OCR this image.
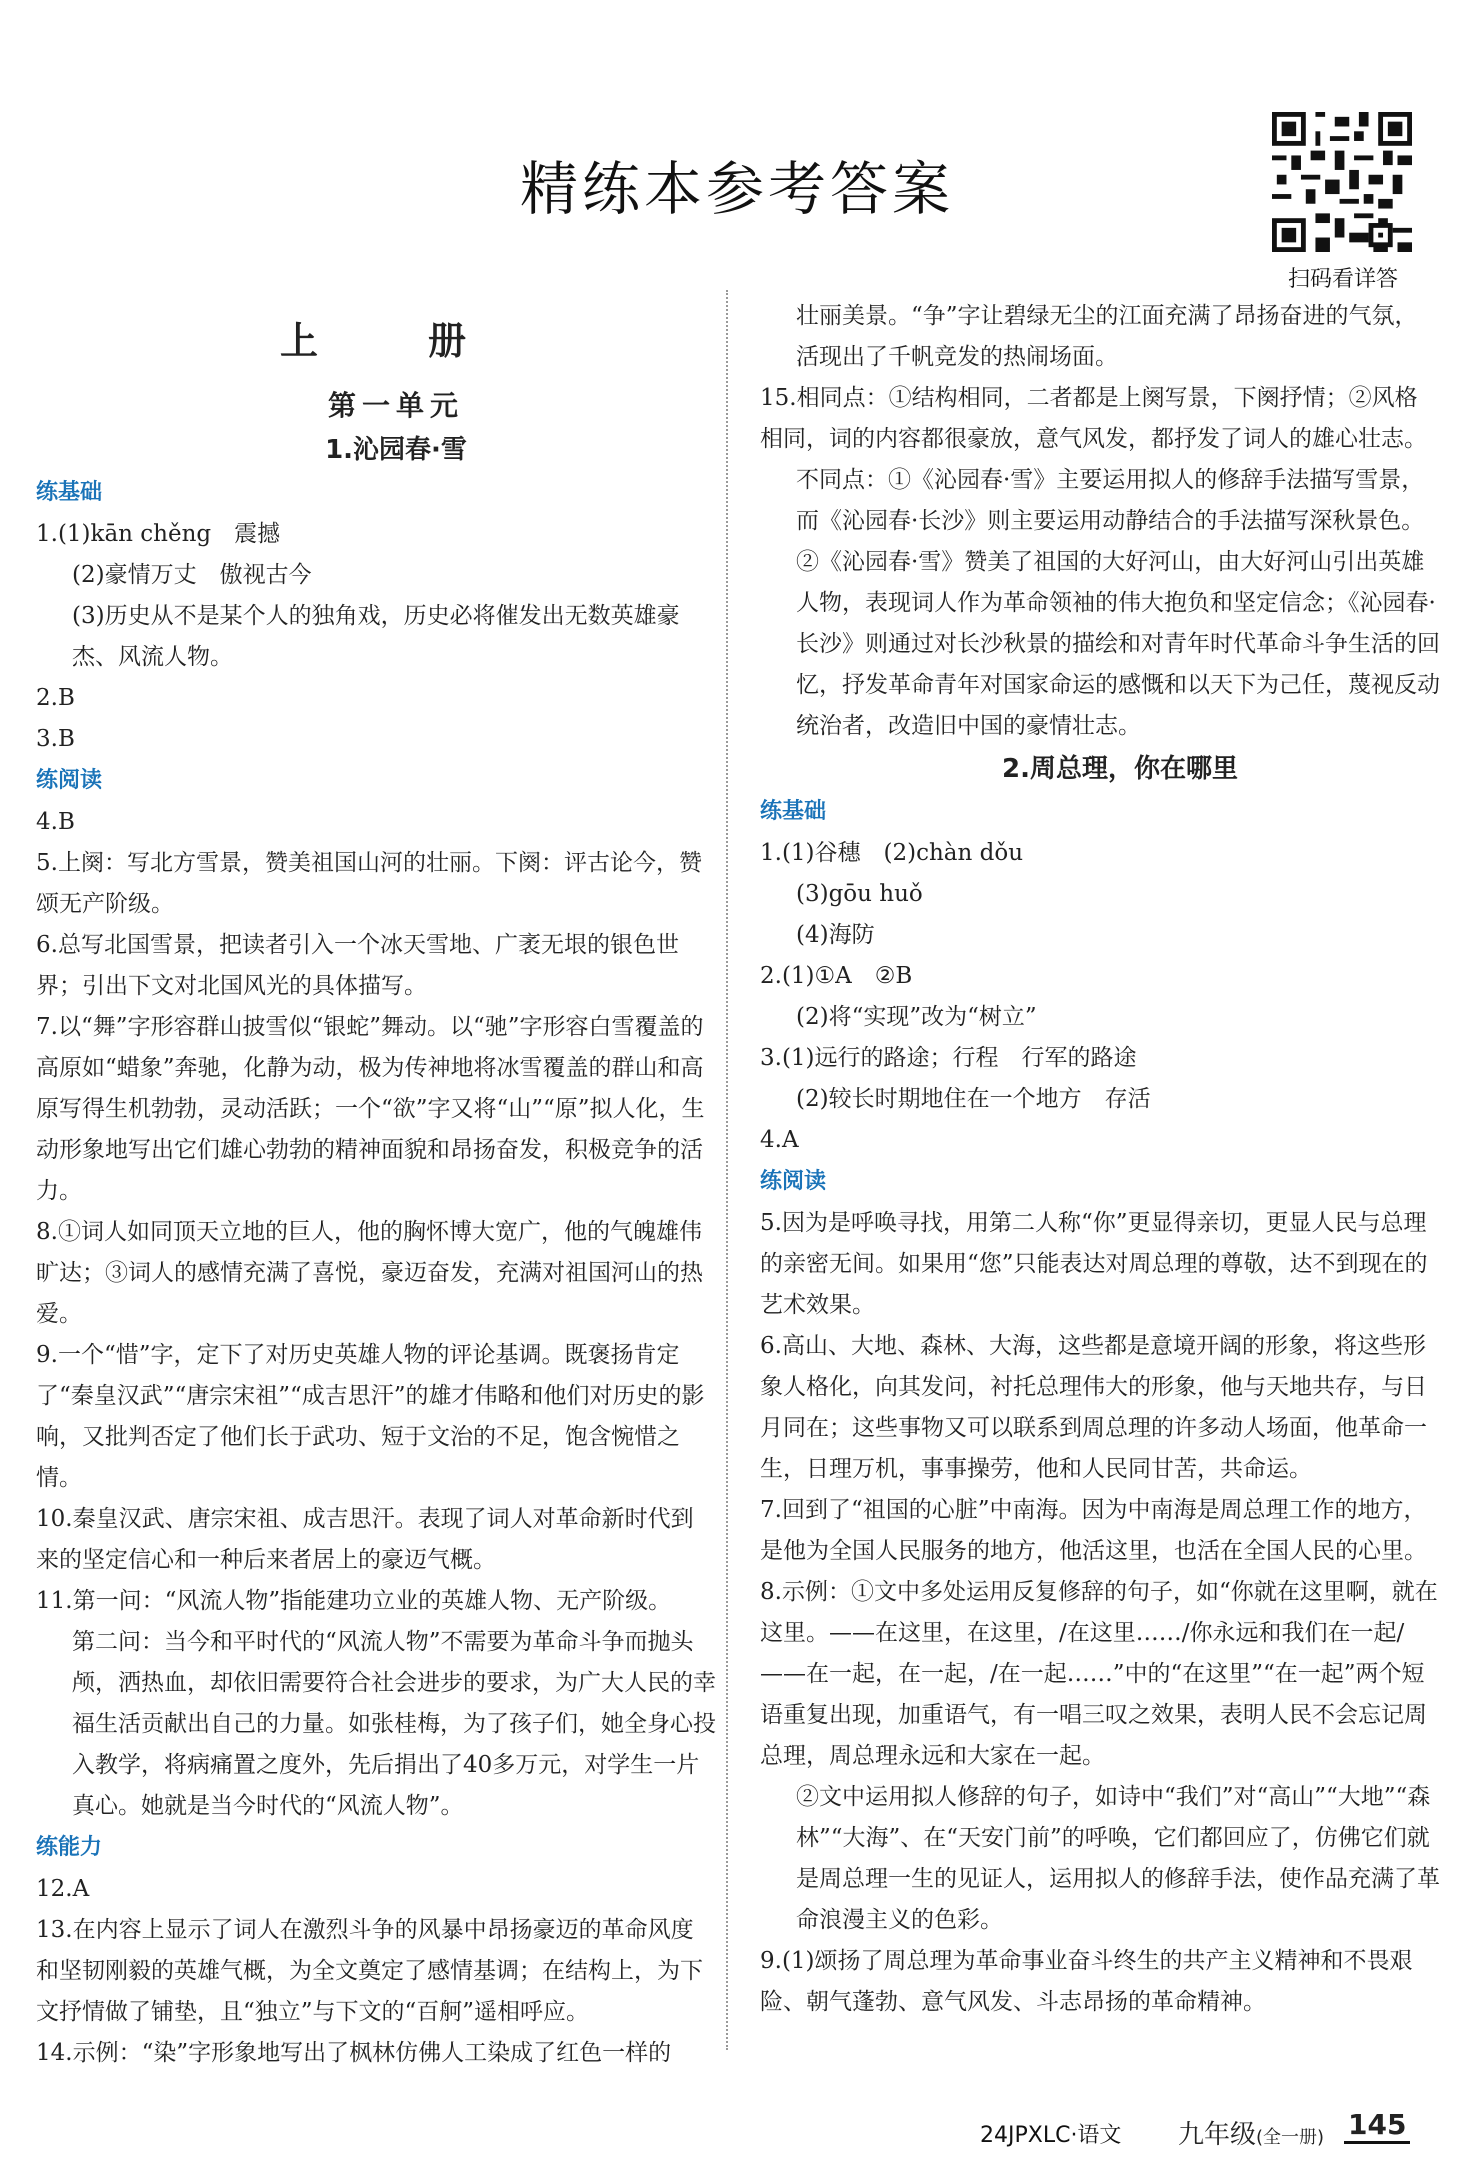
精练本参考答案
扫码看详答
上　册
第一单元
1.沁园春·雪
练基础
1.(1)kān chěng　震撼
(2)豪情万丈　傲视古今
(3)历史从不是某个人的独角戏，历史必将催发出无数英雄豪杰、风流人物。
2.B
3.B
练阅读
4.B
5.上阕：写北方雪景，赞美祖国山河的壮丽。下阕：评古论今，赞颂无产阶级。
6.总写北国雪景，把读者引入一个冰天雪地、广袤无垠的银色世界；引出下文对北国风光的具体描写。
7.以“舞”字形容群山披雪似“银蛇”舞动。以“驰”字形容白雪覆盖的高原如“蜡象”奔驰，化静为动，极为传神地将冰雪覆盖的群山和高原写得生机勃勃，灵动活跃；一个“欲”字又将“山”“原”拟人化，生动形象地写出它们雄心勃勃的精神面貌和昂扬奋发，积极竞争的活力。
8.①词人如同顶天立地的巨人，他的胸怀博大宽广，他的气魄雄伟旷达；③词人的感情充满了喜悦，豪迈奋发，充满对祖国河山的热爱。
9.一个“惜”字，定下了对历史英雄人物的评论基调。既褒扬肯定了“秦皇汉武”“唐宗宋祖”“成吉思汗”的雄才伟略和他们对历史的影响，又批判否定了他们长于武功、短于文治的不足，饱含惋惜之情。
10.秦皇汉武、唐宗宋祖、成吉思汗。表现了词人对革命新时代到来的坚定信心和一种后来者居上的豪迈气概。
11.第一问：“风流人物”指能建功立业的英雄人物、无产阶级。
第二问：当今和平时代的“风流人物”不需要为革命斗争而抛头颅，洒热血，却依旧需要符合社会进步的要求，为广大人民的幸福生活贡献出自己的力量。如张桂梅，为了孩子们，她全身心投入教学，将病痛置之度外，先后捐出了40多万元，对学生一片真心。她就是当今时代的“风流人物”。
练能力
12.A
13.在内容上显示了词人在激烈斗争的风暴中昂扬豪迈的革命风度和坚韧刚毅的英雄气概，为全文奠定了感情基调；在结构上，为下文抒情做了铺垫，且“独立”与下文的“百舸”遥相呼应。
14.示例：“染”字形象地写出了枫林仿佛人工染成了红色一样的
壮丽美景。“争”字让碧绿无尘的江面充满了昂扬奋进的气氛，活现出了千帆竞发的热闹场面。
15.相同点：①结构相同，二者都是上阕写景，下阕抒情；②风格相同，词的内容都很豪放，意气风发，都抒发了词人的雄心壮志。
不同点：①《沁园春·雪》主要运用拟人的修辞手法描写雪景，而《沁园春·长沙》则主要运用动静结合的手法描写深秋景色。②《沁园春·雪》赞美了祖国的大好河山，由大好河山引出英雄人物，表现词人作为革命领袖的伟大抱负和坚定信念；《沁园春·长沙》则通过对长沙秋景的描绘和对青年时代革命斗争生活的回忆，抒发革命青年对国家命运的感慨和以天下为己任，蔑视反动统治者，改造旧中国的豪情壮志。
2.周总理，你在哪里
练基础
1.(1)谷穗　(2)chàn dǒu
(3)gōu huǒ
(4)海防
2.(1)①A　②B
(2)将“实现”改为“树立”
3.(1)远行的路途；行程　行军的路途
(2)较长时期地住在一个地方　存活
4.A
练阅读
5.因为是呼唤寻找，用第二人称“你”更显得亲切，更显人民与总理的亲密无间。如果用“您”只能表达对周总理的尊敬，达不到现在的艺术效果。
6.高山、大地、森林、大海，这些都是意境开阔的形象，将这些形象人格化，向其发问，衬托总理伟大的形象，他与天地共存，与日月同在；这些事物又可以联系到周总理的许多动人场面，他革命一生，日理万机，事事操劳，他和人民同甘苦，共命运。
7.回到了“祖国的心脏”中南海。因为中南海是周总理工作的地方，是他为全国人民服务的地方，他活这里，也活在全国人民的心里。
8.示例：①文中多处运用反复修辞的句子，如“你就在这里啊，就在这里。——在这里，在这里，/在这里……/你永远和我们在一起/——在一起，在一起，/在一起……”中的“在这里”“在一起”两个短语重复出现，加重语气，有一唱三叹之效果，表明人民不会忘记周总理，周总理永远和大家在一起。
②文中运用拟人修辞的句子，如诗中“我们”对“高山”“大地”“森林”“大海”、在“天安门前”的呼唤，它们都回应了，仿佛它们就是周总理一生的见证人，运用拟人的修辞手法，使作品充满了革命浪漫主义的色彩。
9.(1)颂扬了周总理为革命事业奋斗终生的共产主义精神和不畏艰险、朝气蓬勃、意气风发、斗志昂扬的革命精神。
24JPXLC·语文 九年级(全一册) 145
